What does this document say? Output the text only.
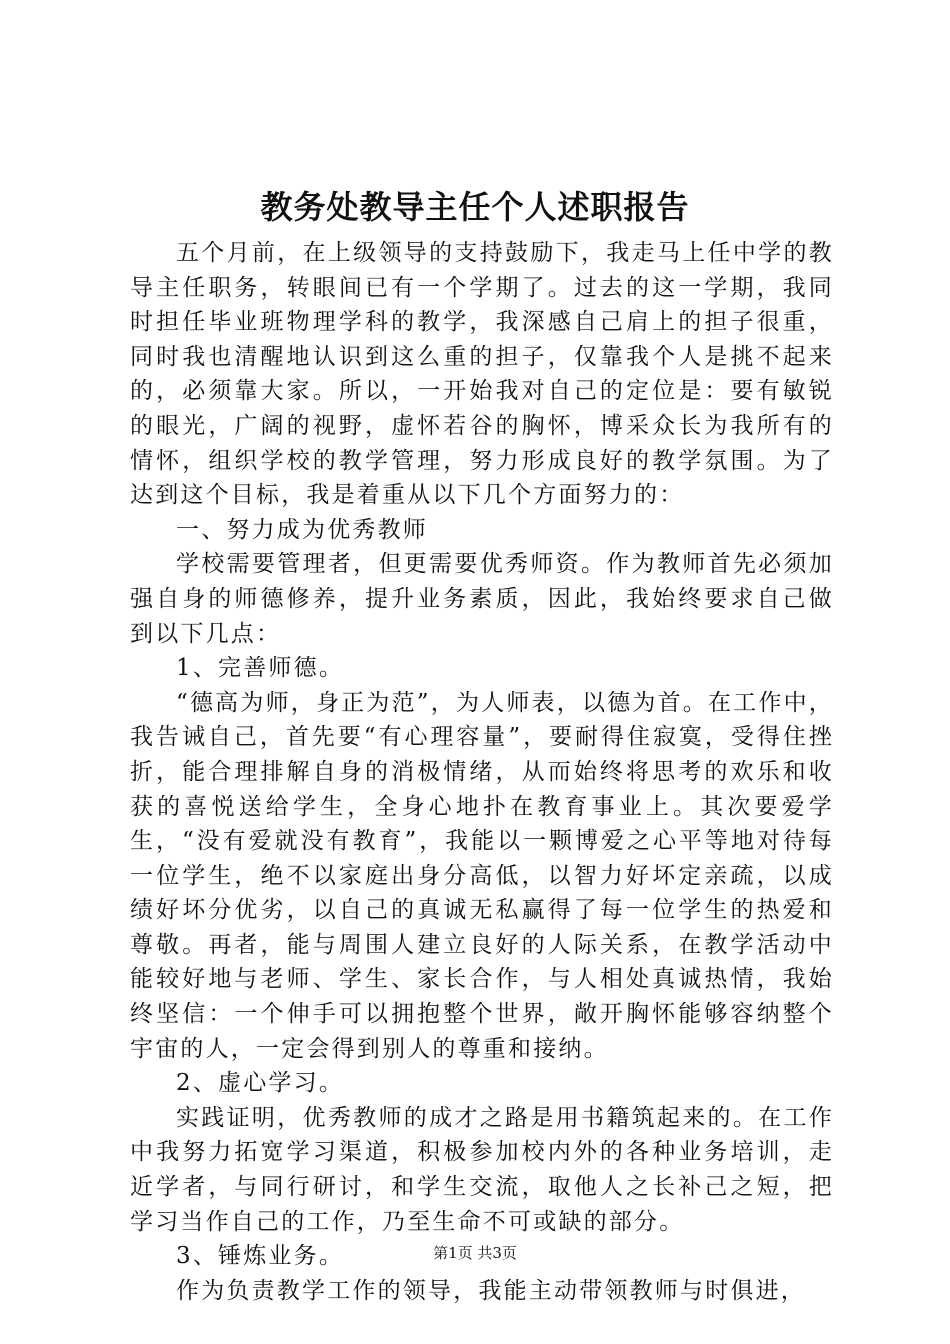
教务处教导主任个人述职报告

五个月前，在上级领导的支持鼓励下，我走马上任中学的教导主任职务，转眼间已有一个学期了。过去的这一学期，我同时担任毕业班物理学科的教学，我深感自己肩上的担子很重，同时我也清醒地认识到这么重的担子，仅靠我个人是挑不起来的，必须靠大家。所以，一开始我对自己的定位是：要有敏锐的眼光，广阔的视野，虚怀若谷的胸怀，博采众长为我所有的情怀，组织学校的教学管理，努力形成良好的教学氛围。为了达到这个目标，我是着重从以下几个方面努力的：

一、努力成为优秀教师

学校需要管理者，但更需要优秀师资。作为教师首先必须加强自身的师德修养，提升业务素质，因此，我始终要求自己做到以下几点：

1、完善师德。

“德高为师，身正为范”，为人师表，以德为首。在工作中，我告诫自己，首先要“有心理容量”，要耐得住寂寞，受得住挫折，能合理排解自身的消极情绪，从而始终将思考的欢乐和收获的喜悦送给学生，全身心地扑在教育事业上。其次要爱学生，“没有爱就没有教育”，我能以一颗博爱之心平等地对待每一位学生，绝不以家庭出身分高低，以智力好坏定亲疏，以成绩好坏分优劣，以自己的真诚无私赢得了每一位学生的热爱和尊敬。再者，能与周围人建立良好的人际关系，在教学活动中能较好地与老师、学生、家长合作，与人相处真诚热情，我始终坚信：一个伸手可以拥抱整个世界，敞开胸怀能够容纳整个宇宙的人，一定会得到别人的尊重和接纳。

2、虚心学习。

实践证明，优秀教师的成才之路是用书籍筑起来的。在工作中我努力拓宽学习渠道，积极参加校内外的各种业务培训，走近学者，与同行研讨，和学生交流，取他人之长补己之短，把学习当作自己的工作，乃至生命不可或缺的部分。

3、锤炼业务。

作为负责教学工作的领导，我能主动带领教师与时俱进，

第1页 共3页
